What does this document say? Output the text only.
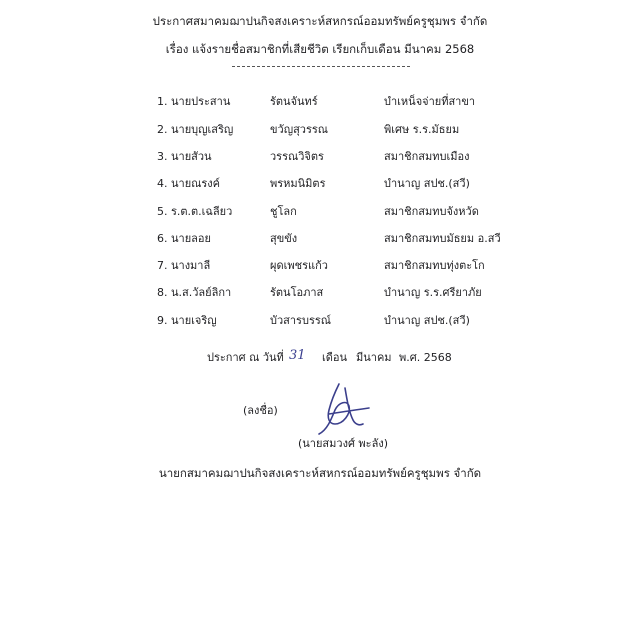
ประกาศสมาคมฌาปนกิจสงเคราะห์สหกรณ์ออมทรัพย์ครูชุมพร จำกัด
เรื่อง แจ้งรายชื่อสมาชิกที่เสียชีวิต เรียกเก็บเดือน มีนาคม 2568
1. นายประสาน	รัตนจันทร์	บำเหน็จจ่ายที่สาขา
2. นายบุญเสริญ	ขวัญสุวรรณ	พิเศษ ร.ร.มัธยม
3. นายสัวน	วรรณวิจิตร	สมาชิกสมทบเมือง
4. นายณรงค์	พรหมนิมิตร	บำนาญ สปช.(สวี)
5. ร.ต.ต.เฉลียว	ชูโลก	สมาชิกสมทบจังหวัด
6. นายลอย	สุขขัง	สมาชิกสมทบมัธยม อ.สวี
7. นางมาลี	ผุดเพชรแก้ว	สมาชิกสมทบทุ่งตะโก
8. น.ส.วัลย์ลิกา	รัตนโอภาส	บำนาญ ร.ร.ศรียาภัย
9. นายเจริญ	บัวสารบรรณ์	บำนาญ สปช.(สวี)
ประกาศ ณ วันที่ 31 เดือน มีนาคม พ.ศ. 2568
(ลงชื่อ)
(นายสมวงศ์ พะลัง)
นายกสมาคมฌาปนกิจสงเคราะห์สหกรณ์ออมทรัพย์ครูชุมพร จำกัด
